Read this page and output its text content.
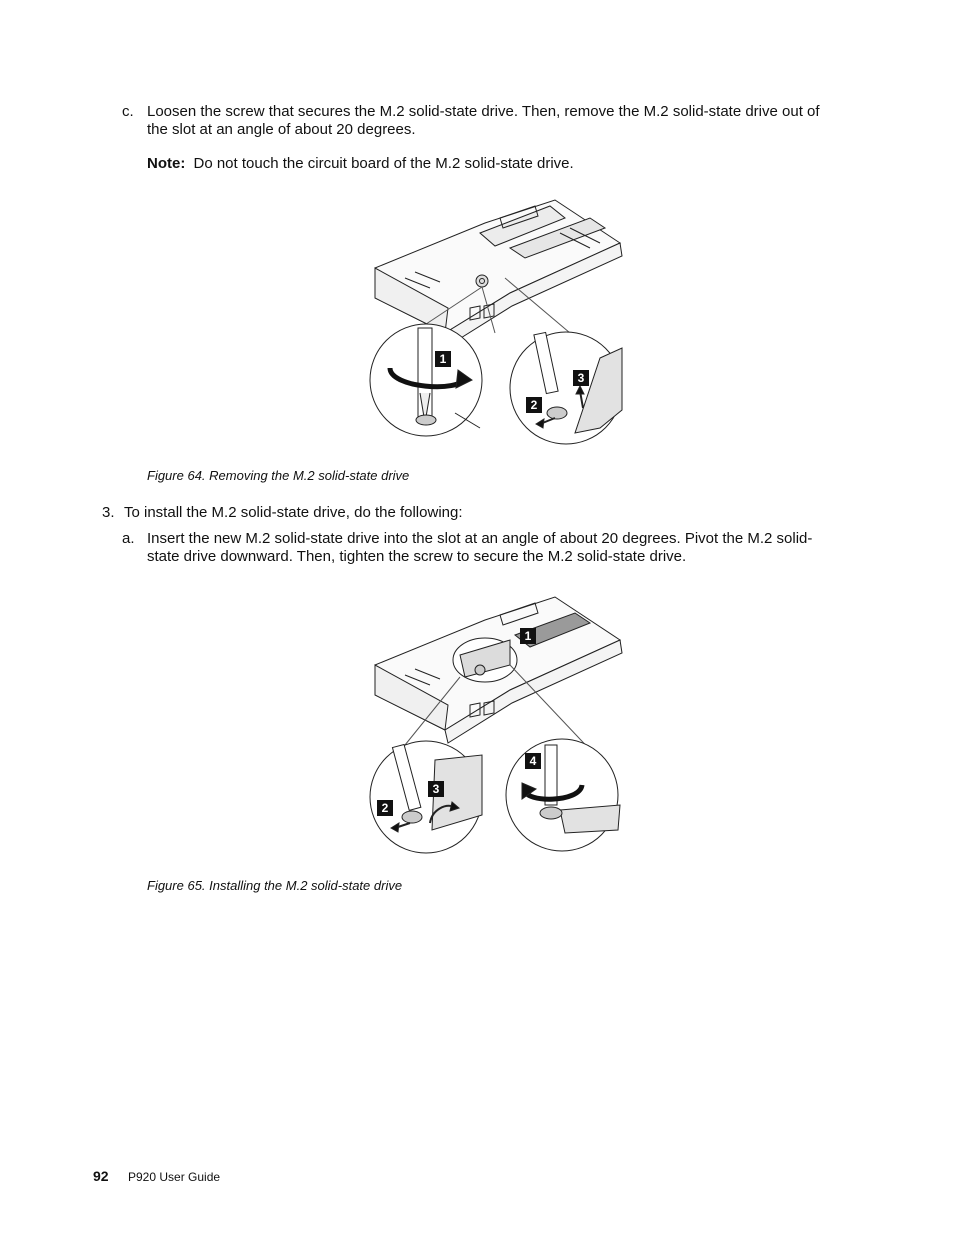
c. Loosen the screw that secures the M.2 solid-state drive. Then, remove the M.2 solid-state drive out of the slot at an angle of about 20 degrees.
Note: Do not touch the circuit board of the M.2 solid-state drive.
1
2
3
Figure 64. Removing the M.2 solid-state drive
3. To install the M.2 solid-state drive, do the following:
a. Insert the new M.2 solid-state drive into the slot at an angle of about 20 degrees. Pivot the M.2 solid-state drive downward. Then, tighten the screw to secure the M.2 solid-state drive.
1
2
3
4
Figure 65. Installing the M.2 solid-state drive
92 P920 User Guide
